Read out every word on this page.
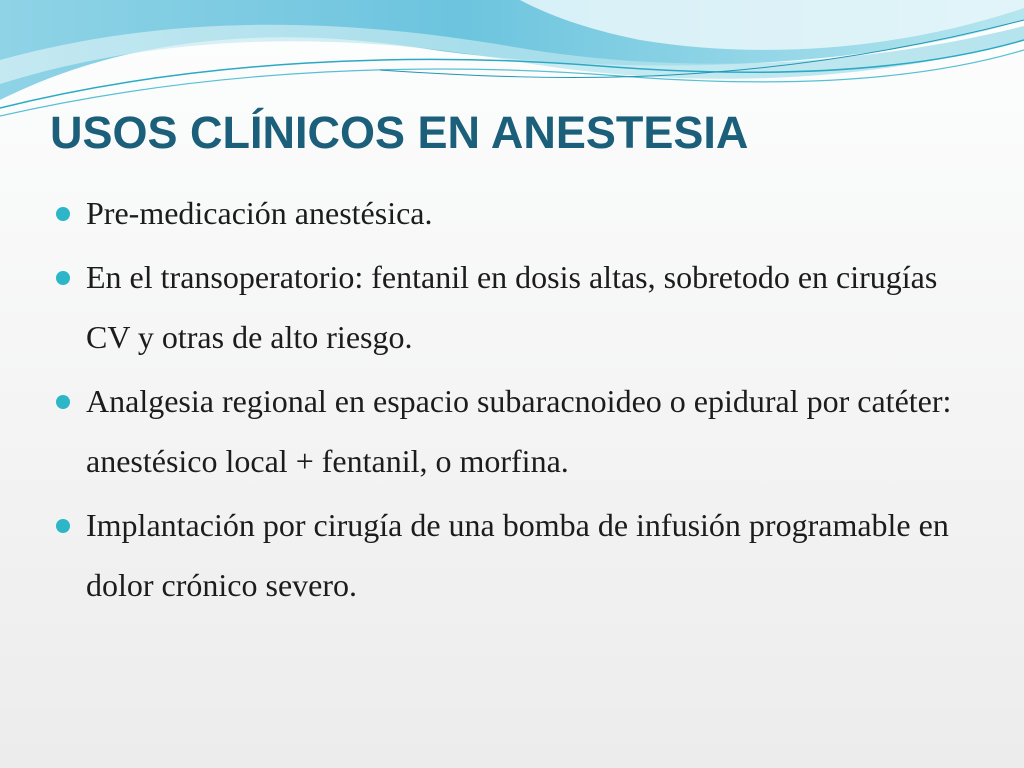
USOS CLÍNICOS EN ANESTESIA
Pre-medicación anestésica.
En el transoperatorio: fentanil en dosis altas, sobretodo en cirugías CV y otras de alto riesgo.
Analgesia regional en espacio subaracnoideo o epidural por catéter: anestésico local + fentanil, o morfina.
Implantación por cirugía de una bomba de infusión programable en dolor crónico severo.
